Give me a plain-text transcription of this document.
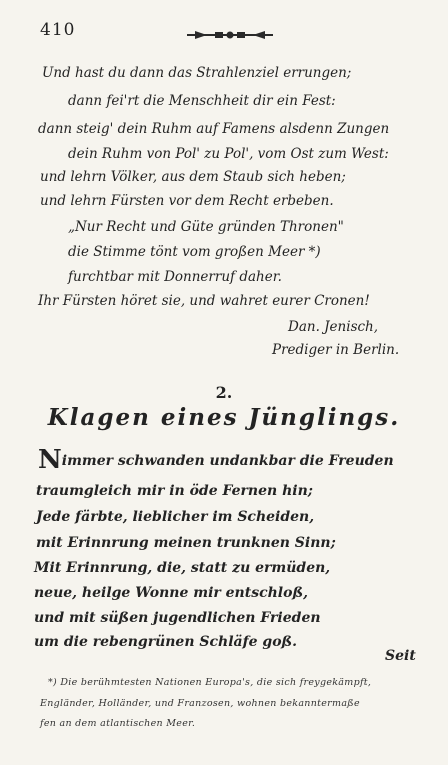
410
Und hast du dann das Strahlenziel errungen;
dann fei'rt die Menschheit dir ein Fest:
dann steig' dein Ruhm auf Famens alsdenn Zungen
dein Ruhm von Pol' zu Pol', vom Ost zum West:
und lehrn Völker, aus dem Staub sich heben;
und lehrn Fürsten vor dem Recht erbeben.
„Nur Recht und Güte gründen Thronen"
die Stimme tönt vom großen Meer *)
furchtbar mit Donnerruf daher.
Ihr Fürsten höret sie, und wahret eurer Cronen!
Dan. Jenisch,
Prediger in Berlin.
2.
Klagen eines Jünglings.
Nimmer schwanden undankbar die Freuden
traumgleich mir in öde Fernen hin;
Jede färbte, lieblicher im Scheiden,
mit Erinnrung meinen trunknen Sinn;
Mit Erinnrung, die, statt zu ermüden,
neue, heilge Wonne mir entschloß,
und mit süßen jugendlichen Frieden
um die rebengrünen Schläfe goß.
Seit
*) Die berühmtesten Nationen Europa's, die sich freygekämpft,
Engländer, Holländer, und Franzosen, wohnen bekanntermaße
fen an dem atlantischen Meer.
